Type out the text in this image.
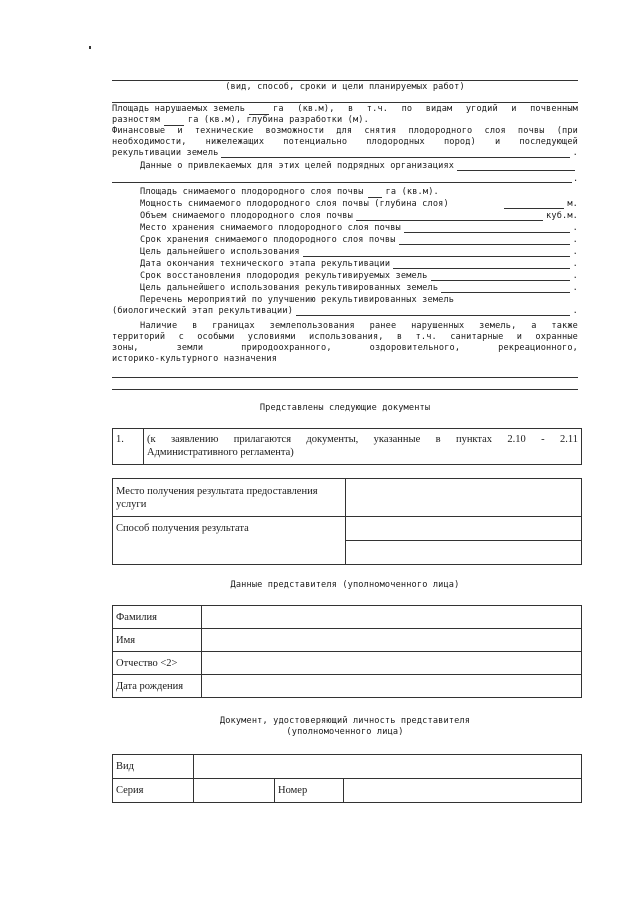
(вид, способ, сроки и цели планируемых работ)
Площадь нарушаемых земель	га (кв.м), в т.ч. по видам угодий и почвенным
разностям	га (кв.м), глубина разработки (м).
Финансовые и технические возможности для снятия плодородного слоя почвы (при
необходимости, нижележащих потенциально плодородных пород) и последующей
рекультивации земель	.
Данные о привлекаемых для этих целей подрядных организациях
.
Площадь снимаемого плодородного слоя почвы	га (кв.м).
Мощность снимаемого плодородного слоя почвы (глубина слоя)	м.
Объем снимаемого плодородного слоя почвы	куб.м.
Место хранения снимаемого плодородного слоя почвы	.
Срок хранения снимаемого плодородного слоя почвы	.
Цель дальнейшего использования	.
Дата окончания технического этапа рекультивации	.
Срок восстановления плодородия рекультивируемых земель	.
Цель дальнейшего использования рекультивированных земель	.
Перечень мероприятий по улучшению рекультивированных земель
(биологический этап рекультивации)	.
Наличие в границах землепользования ранее нарушенных земель, а также
территорий с особыми условиями использования, в т.ч. санитарные и охранные
зоны, земли природоохранного, оздоровительного, рекреационного,
историко-культурного назначения
Представлены следующие документы
1.	(к заявлению прилагаются документы, указанные в пунктах 2.10 - 2.11
Административного регламента)
Место получения результата предоставления
услуги	

Способ получения результата	

Данные представителя (уполномоченного лица)
Фамилия	
Имя	
Отчество <2>	
Дата рождения	
Документ, удостоверяющий личность представителя
(уполномоченного лица)
Вид			
Серия		Номер	
